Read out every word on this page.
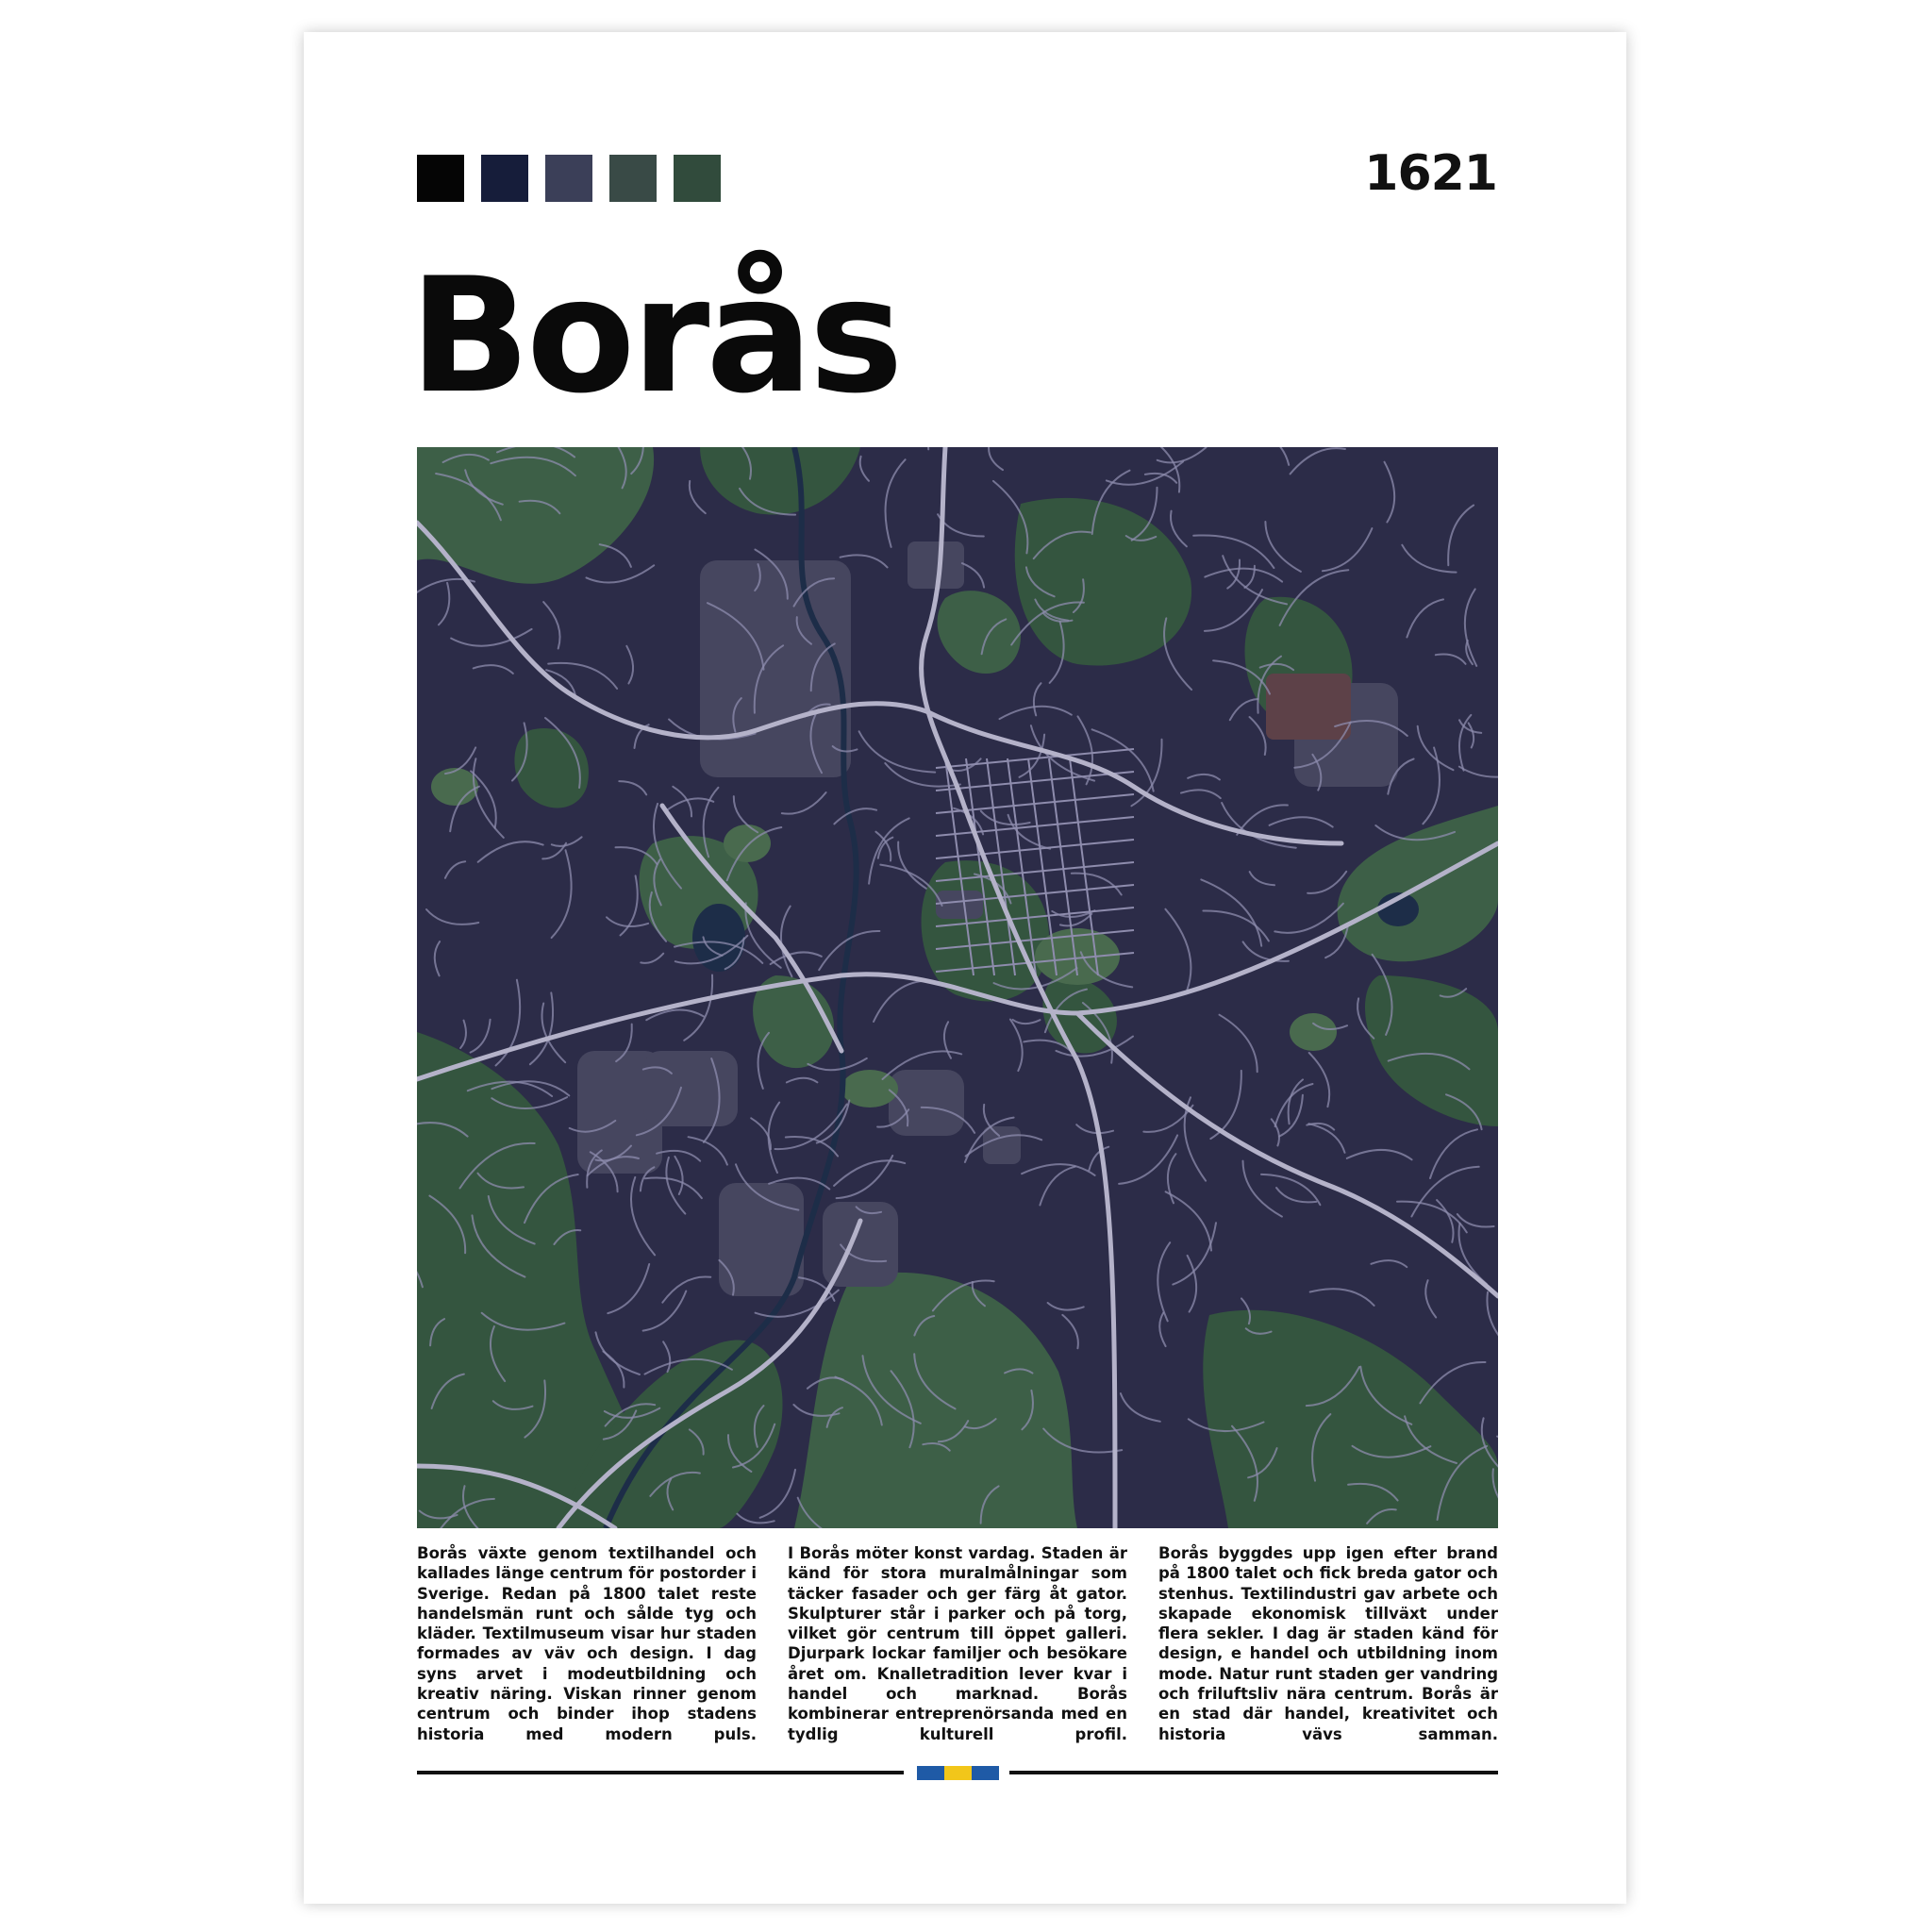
1621
Borås
Borås växte genom textilhandel och kallades länge centrum för postorder i Sverige. Redan på 1800 talet reste handelsmän runt och sålde tyg och kläder. Textilmuseum visar hur staden formades av väv och design. I dag syns arvet i modeutbildning och kreativ näring. Viskan rinner genom centrum och binder ihop stadens historia med modern puls.
I Borås möter konst vardag. Staden är känd för stora muralmålningar som täcker fasader och ger färg åt gator. Skulpturer står i parker och på torg, vilket gör centrum till öppet galleri. Djurpark lockar familjer och besökare året om. Knalletradition lever kvar i handel och marknad. Borås kombinerar entreprenörsanda med en tydlig kulturell profil.
Borås byggdes upp igen efter brand på 1800 talet och fick breda gator och stenhus. Textilindustri gav arbete och skapade ekonomisk tillväxt under flera sekler. I dag är staden känd för design, e handel och utbildning inom mode. Natur runt staden ger vandring och friluftsliv nära centrum. Borås är en stad där handel, kreativitet och historia vävs samman.
